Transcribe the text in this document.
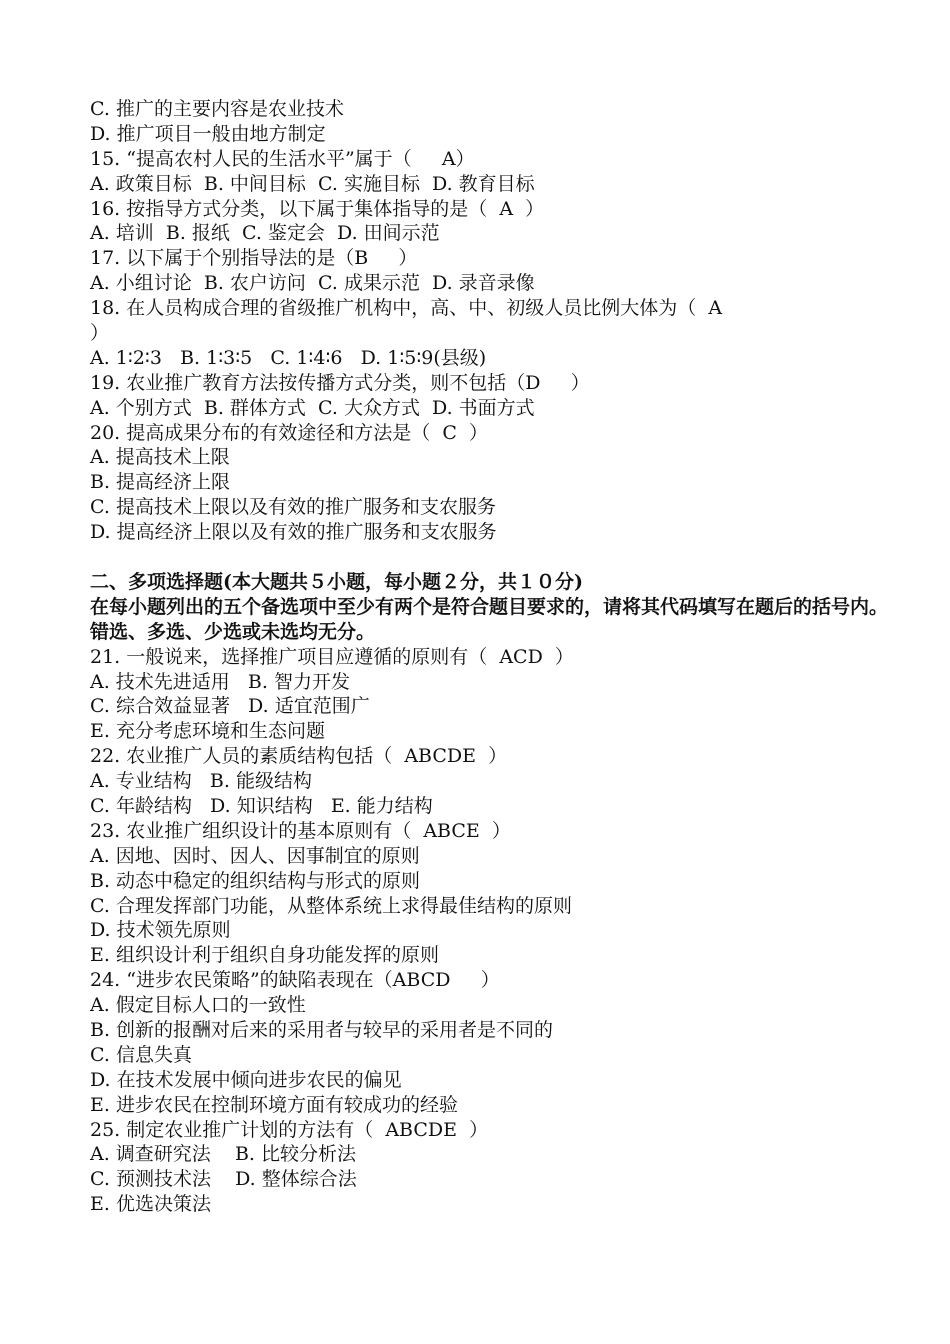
C. 推广的主要内容是农业技术
D. 推广项目一般由地方制定
15. “提高农村人民的生活水平”属于（     A）
A. 政策目标  B. 中间目标  C. 实施目标  D. 教育目标
16. 按指导方式分类，以下属于集体指导的是（  A  ）
A. 培训  B. 报纸  C. 鉴定会  D. 田间示范
17. 以下属于个别指导法的是（B     ）
A. 小组讨论  B. 农户访问  C. 成果示范  D. 录音录像
18. 在人员构成合理的省级推广机构中，高、中、初级人员比例大体为（  A
）
A. 1∶2∶3   B. 1∶3∶5   C. 1∶4∶6   D. 1∶5∶9(县级)
19. 农业推广教育方法按传播方式分类，则不包括（D     ）
A. 个别方式  B. 群体方式  C. 大众方式  D. 书面方式
20. 提高成果分布的有效途径和方法是（  C  ）
A. 提高技术上限
B. 提高经济上限
C. 提高技术上限以及有效的推广服务和支农服务
D. 提高经济上限以及有效的推广服务和支农服务
二、多项选择题(本大题共５小题，每小题２分，共１０分)
在每小题列出的五个备选项中至少有两个是符合题目要求的，请将其代码填写在题后的括号内。错选、多选、少选或未选均无分。
21. 一般说来，选择推广项目应遵循的原则有（  ACD  ）
A. 技术先进适用   B. 智力开发
C. 综合效益显著   D. 适宜范围广
E. 充分考虑环境和生态问题
22. 农业推广人员的素质结构包括（  ABCDE  ）
A. 专业结构   B. 能级结构
C. 年龄结构   D. 知识结构   E. 能力结构
23. 农业推广组织设计的基本原则有（  ABCE  ）
A. 因地、因时、因人、因事制宜的原则
B. 动态中稳定的组织结构与形式的原则
C. 合理发挥部门功能，从整体系统上求得最佳结构的原则
D. 技术领先原则
E. 组织设计利于组织自身功能发挥的原则
24. “进步农民策略”的缺陷表现在（ABCD     ）
A. 假定目标人口的一致性
B. 创新的报酬对后来的采用者与较早的采用者是不同的
C. 信息失真
D. 在技术发展中倾向进步农民的偏见
E. 进步农民在控制环境方面有较成功的经验
25. 制定农业推广计划的方法有（  ABCDE  ）
A. 调查研究法    B. 比较分析法
C. 预测技术法    D. 整体综合法
E. 优选决策法
